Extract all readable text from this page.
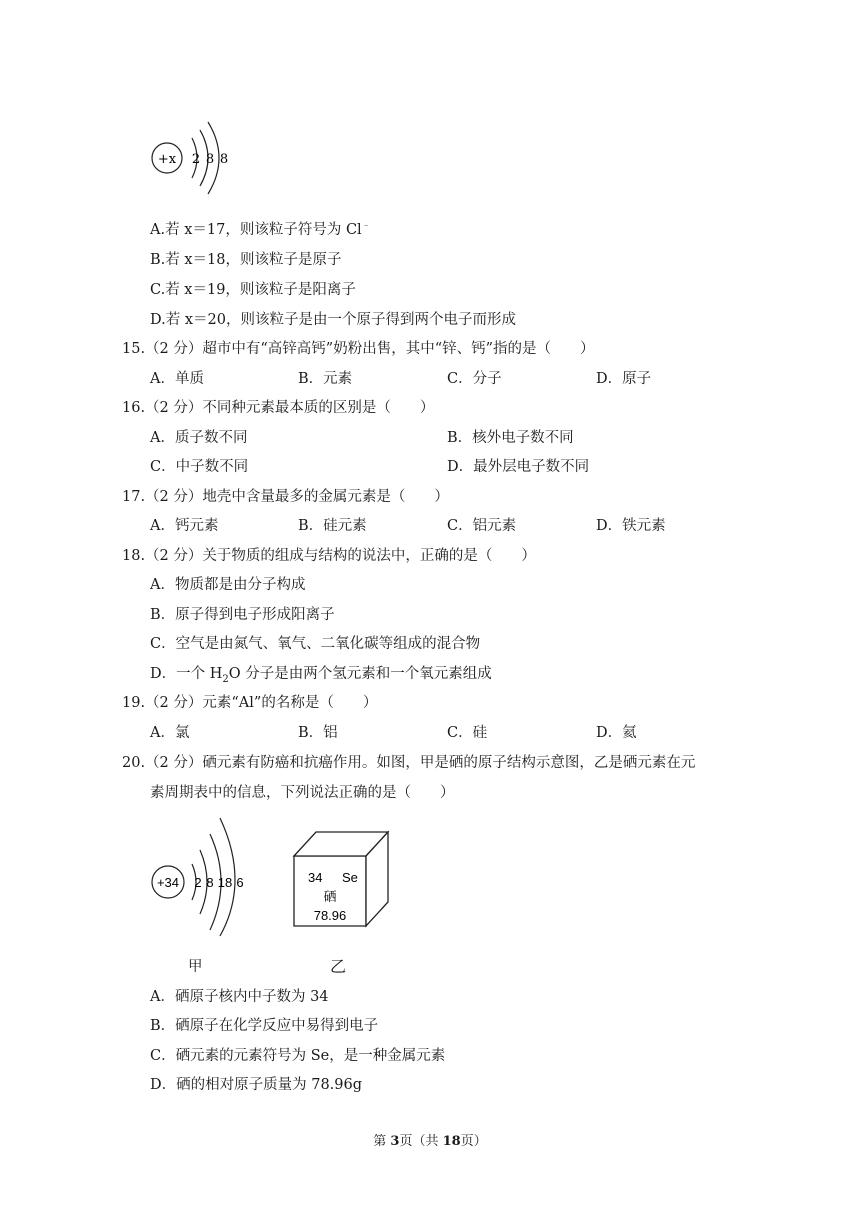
+x 2 8 8
A.若 x＝17，则该粒子符号为 Cl﹣
B.若 x＝18，则该粒子是原子
C.若 x＝19，则该粒子是阳离子
D.若 x＝20，则该粒子是由一个原子得到两个电子而形成
15.（2 分）超市中有“高锌高钙”奶粉出售，其中“锌、钙”指的是（　　）
A．单质	B．元素	C．分子	D．原子
16.（2 分）不同种元素最本质的区别是（　　）
A．质子数不同	B．核外电子数不同
C．中子数不同	D．最外层电子数不同
17.（2 分）地壳中含量最多的金属元素是（　　）
A．钙元素	B．硅元素	C．铝元素	D．铁元素
18.（2 分）关于物质的组成与结构的说法中，正确的是（　　）
A．物质都是由分子构成
B．原子得到电子形成阳离子
C．空气是由氮气、氧气、二氧化碳等组成的混合物
D．一个 $H_2O$ 分子是由两个氢元素和一个氧元素组成
19.（2 分）元素“Al”的名称是（　　）
A．氯	B．铝	C．硅	D．氦
20.（2 分）硒元素有防癌和抗癌作用。如图，甲是硒的原子结构示意图，乙是硒元素在元
素周期表中的信息，下列说法正确的是（　　）
+34 2 8 18 6	34 Se
硒
78.96
甲	乙
A．硒原子核内中子数为 34
B．硒原子在化学反应中易得到电子
C．硒元素的元素符号为 Se，是一种金属元素
D．硒的相对原子质量为 78.96g
第 3页（共 18页）
